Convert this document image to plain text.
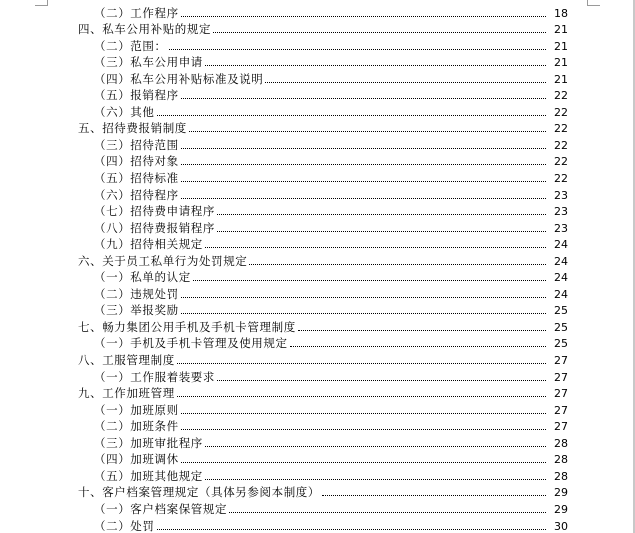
（二）工作程序	18
四、私车公用补贴的规定	21
（二）范围：	21
（三）私车公用申请	21
（四）私车公用补贴标准及说明	21
（五）报销程序	22
（六）其他	22
五、招待费报销制度	22
（三）招待范围	22
（四）招待对象	22
（五）招待标准	22
（六）招待程序	23
（七）招待费申请程序	23
（八）招待费报销程序	23
（九）招待相关规定	24
六、关于员工私单行为处罚规定	24
（一）私单的认定	24
（二）违规处罚	24
（三）举报奖励	25
七、畅力集团公用手机及手机卡管理制度	25
（一）手机及手机卡管理及使用规定	25
八、工服管理制度	27
（一）工作服着装要求	27
九、工作加班管理	27
（一）加班原则	27
（二）加班条件	27
（三）加班审批程序	28
（四）加班调休	28
（五）加班其他规定	28
十、客户档案管理规定（具体另参阅本制度）	29
（一）客户档案保管规定	29
（二）处罚	30
